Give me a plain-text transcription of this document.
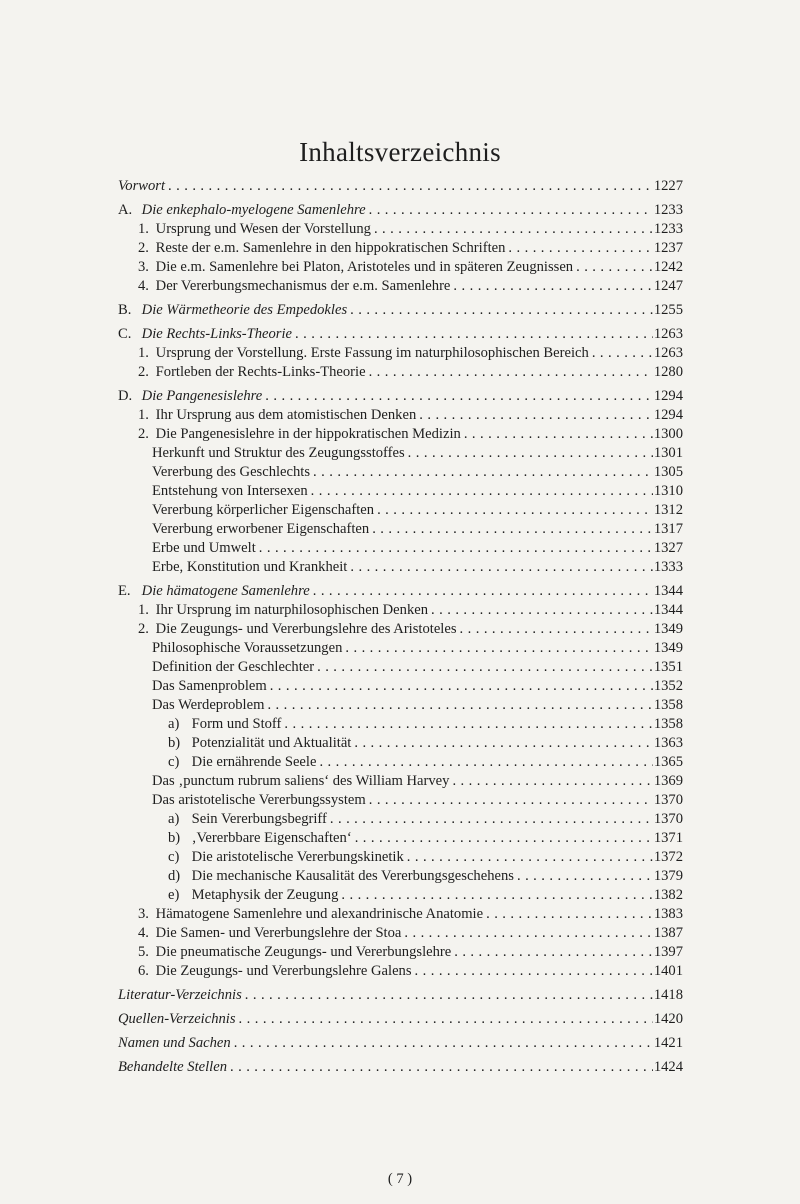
Inhaltsverzeichnis
Vorwort . . .	1227
A. Die enkephalo-myelogene Samenlehre . . .	1233
1. Ursprung und Wesen der Vorstellung . . .	1233
2. Reste der e.m. Samenlehre in den hippokratischen Schriften . . .	1237
3. Die e.m. Samenlehre bei Platon, Aristoteles und in späteren Zeugnissen . . .	1242
4. Der Vererbungsmechanismus der e.m. Samenlehre . . .	1247
B. Die Wärmetheorie des Empedokles . . .	1255
C. Die Rechts-Links-Theorie . . .	1263
1. Ursprung der Vorstellung. Erste Fassung im naturphilosophischen Bereich . . .	1263
2. Fortleben der Rechts-Links-Theorie . . .	1280
D. Die Pangenesislehre . . .	1294
1. Ihr Ursprung aus dem atomistischen Denken . . .	1294
2. Die Pangenesislehre in der hippokratischen Medizin . . .	1300
Herkunft und Struktur des Zeugungsstoffes . . .	1301
Vererbung des Geschlechts . . .	1305
Entstehung von Intersexen . . .	1310
Vererbung körperlicher Eigenschaften . . .	1312
Vererbung erworbener Eigenschaften . . .	1317
Erbe und Umwelt . . .	1327
Erbe, Konstitution und Krankheit . . .	1333
E. Die hämatogene Samenlehre . . .	1344
1. Ihr Ursprung im naturphilosophischen Denken . . .	1344
2. Die Zeugungs- und Vererbungslehre des Aristoteles . . .	1349
Philosophische Voraussetzungen . . .	1349
Definition der Geschlechter . . .	1351
Das Samenproblem . . .	1352
Das Werdeproblem . . .	1358
a) Form und Stoff . . .	1358
b) Potenzialität und Aktualität . . .	1363
c) Die ernährende Seele . . .	1365
Das ‚punctum rubrum saliens‘ des William Harvey . . .	1369
Das aristotelische Vererbungssystem . . .	1370
a) Sein Vererbungsbegriff . . .	1370
b) ‚Vererbbare Eigenschaften‘ . . .	1371
c) Die aristotelische Vererbungskinetik . . .	1372
d) Die mechanische Kausalität des Vererbungsgeschehens . . .	1379
e) Metaphysik der Zeugung . . .	1382
3. Hämatogene Samenlehre und alexandrinische Anatomie . . .	1383
4. Die Samen- und Vererbungslehre der Stoa . . .	1387
5. Die pneumatische Zeugungs- und Vererbungslehre . . .	1397
6. Die Zeugungs- und Vererbungslehre Galens . . .	1401
Literatur-Verzeichnis . . .	1418
Quellen-Verzeichnis . . .	1420
Namen und Sachen . . .	1421
Behandelte Stellen . . .	1424
( 7 )
